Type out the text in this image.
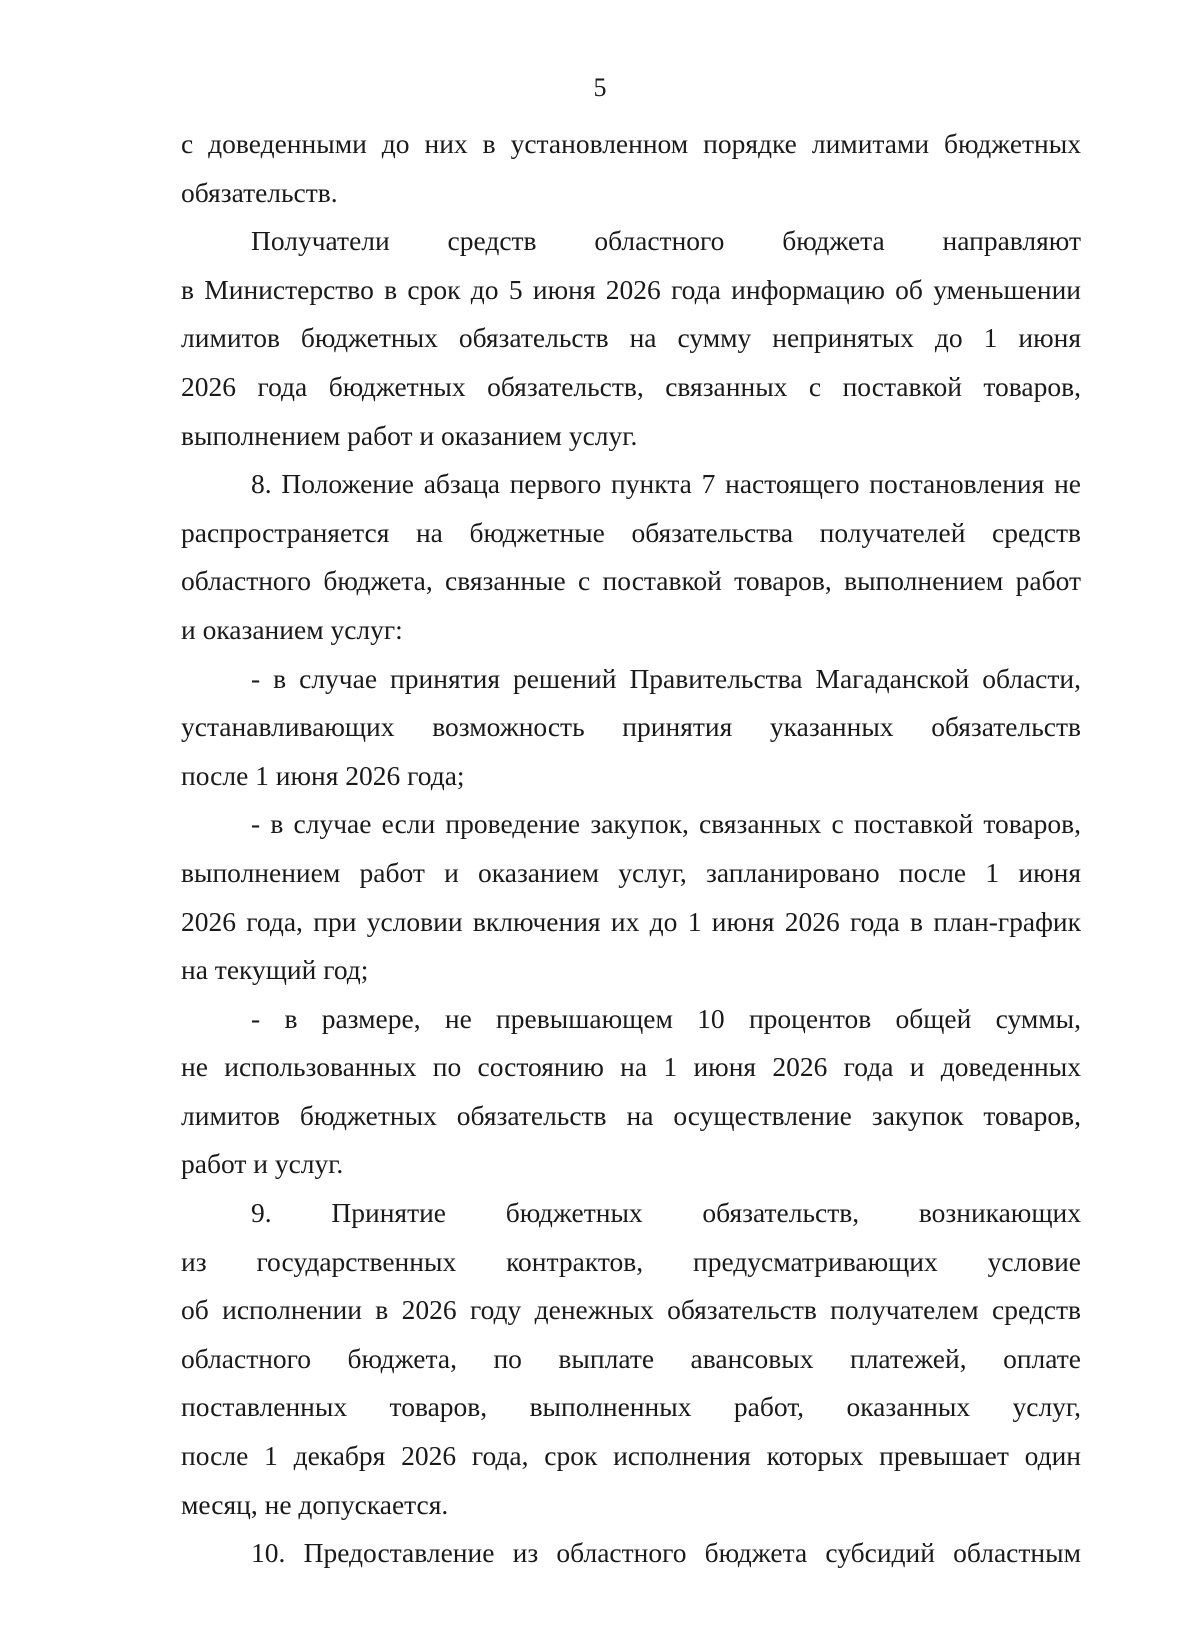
5
с доведенными до них в установленном порядке лимитами бюджетных
обязательств.
Получатели средств областного бюджета направляют
в Министерство в срок до 5 июня 2026 года информацию об уменьшении
лимитов бюджетных обязательств на сумму непринятых до 1 июня
2026 года бюджетных обязательств, связанных с поставкой товаров,
выполнением работ и оказанием услуг.
8. Положение абзаца первого пункта 7 настоящего постановления не
распространяется на бюджетные обязательства получателей средств
областного бюджета, связанные с поставкой товаров, выполнением работ
и оказанием услуг:
- в случае принятия решений Правительства Магаданской области,
устанавливающих возможность принятия указанных обязательств
после 1 июня 2026 года;
- в случае если проведение закупок, связанных с поставкой товаров,
выполнением работ и оказанием услуг, запланировано после 1 июня
2026 года, при условии включения их до 1 июня 2026 года в план-график
на текущий год;
- в размере, не превышающем 10 процентов общей суммы,
не использованных по состоянию на 1 июня 2026 года и доведенных
лимитов бюджетных обязательств на осуществление закупок товаров,
работ и услуг.
9. Принятие бюджетных обязательств, возникающих
из государственных контрактов, предусматривающих условие
об исполнении в 2026 году денежных обязательств получателем средств
областного бюджета, по выплате авансовых платежей, оплате
поставленных товаров, выполненных работ, оказанных услуг,
после 1 декабря 2026 года, срок исполнения которых превышает один
месяц, не допускается.
10. Предоставление из областного бюджета субсидий областным
